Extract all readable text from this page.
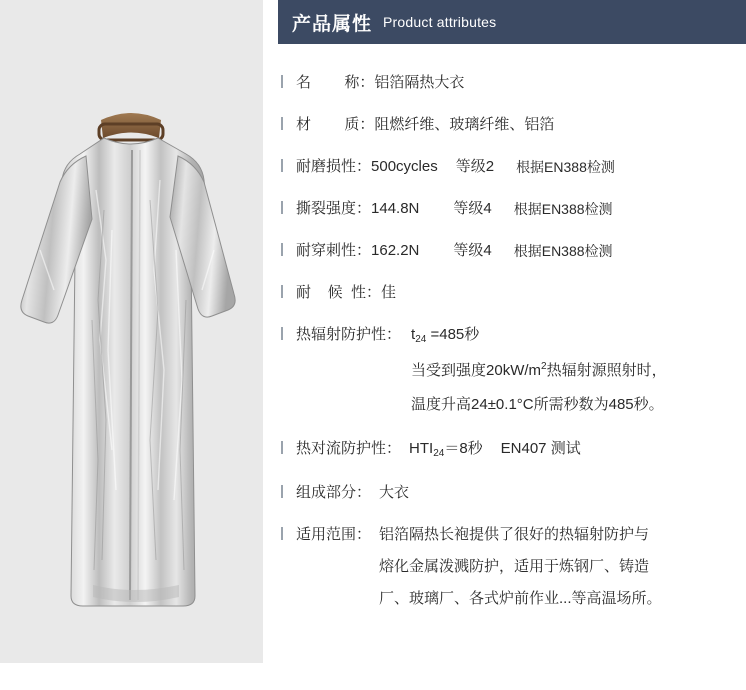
产品属性 Product attributes
名        称： 铝箔隔热大衣
材        质： 阻燃纤维、玻璃纤维、铝箔
耐磨损性： 500cycles 等级2 根据EN388检测
撕裂强度： 144.8N 等级4 根据EN388检测
耐穿刺性： 162.2N 等级4 根据EN388检测
耐    候  性： 佳
热辐射防护性： $t_{24} =485$秒
当受到强度$20kW/m^2$热辐射源照射时，
温度升高24±0.1°C所需秒数为485秒。
热对流防护性： $HTI_{24}=8$秒 EN407 测试
组成部分： 大衣
适用范围： 铝箔隔热长袍提供了很好的热辐射防护与
熔化金属泼溅防护，适用于炼钢厂、铸造
厂、玻璃厂、各式炉前作业...等高温场所。
